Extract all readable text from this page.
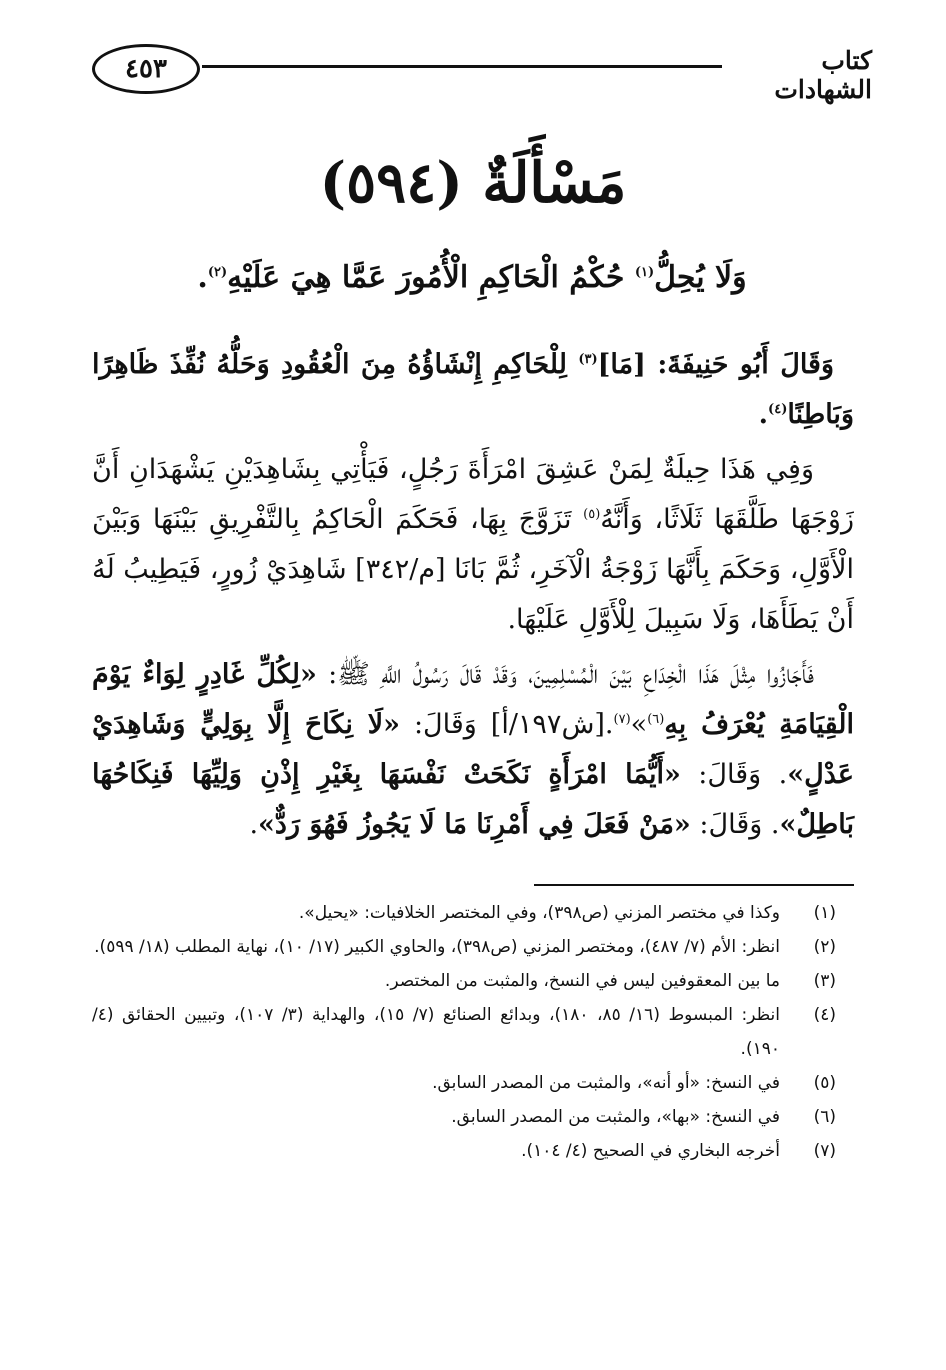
٤٥٣	كتاب الشهادات
مَسْأَلَةٌ (٥٩٤)
وَلَا يُحِلُّ$^{(١)}$ حُكْمُ الْحَاكِمِ الْأُمُورَ عَمَّا هِيَ عَلَيْهِ$^{(٢)}$.

وَقَالَ أَبُو حَنِيفَةَ: [مَا]$^{(٣)}$ لِلْحَاكِمِ إِنْشَاؤُهُ مِنَ الْعُقُودِ وَحَلُّهُ نُفِّذَ ظَاهِرًا وَبَاطِنًا$^{(٤)}$.

وَفِي هَذَا حِيلَةٌ لِمَنْ عَشِقَ امْرَأَةَ رَجُلٍ، فَيَأْتِي بِشَاهِدَيْنِ يَشْهَدَانِ أَنَّ زَوْجَهَا طَلَّقَهَا ثَلَاثًا، وَأَنَّهُ$^{(٥)}$ تَزَوَّجَ بِهَا، فَحَكَمَ الْحَاكِمُ بِالتَّفْرِيقِ بَيْنَهَا وَبَيْنَ الْأَوَّلِ، وَحَكَمَ بِأَنَّهَا زَوْجَةُ الْآخَرِ، ثُمَّ بَانَا [م/٣٤٢] شَاهِدَيْ زُورٍ، فَيَطِيبُ لَهُ أَنْ يَطَأَهَا، وَلَا سَبِيلَ لِلْأَوَّلِ عَلَيْهَا.

فَأَجَازُوا مِثْلَ هَذَا الْخِدَاعِ بَيْنَ الْمُسْلِمِينَ، وَقَدْ قَالَ رَسُولُ اللَّهِ ﷺ: «لِكُلِّ غَادِرٍ لِوَاءٌ يَوْمَ الْقِيَامَةِ يُعْرَفُ بِهِ$^{(٦)}$»$^{(٧)}$.[ش١٩٧/أ] وَقَالَ: «لَا نِكَاحَ إِلَّا بِوَلِيٍّ وَشَاهِدَيْ عَدْلٍ». وَقَالَ: «أَيُّمَا امْرَأَةٍ نَكَحَتْ نَفْسَهَا بِغَيْرِ إِذْنِ وَلِيِّهَا فَنِكَاحُهَا بَاطِلٌ». وَقَالَ: «مَنْ فَعَلَ فِي أَمْرِنَا مَا لَا يَجُوزُ فَهُوَ رَدٌّ».

(١)
وكذا في مختصر المزني (ص٣٩٨)، وفي المختصر الخلافيات: «يحيل».
(٢)
انظر: الأم (٧/ ٤٨٧)، ومختصر المزني (ص٣٩٨)، والحاوي الكبير (١٧/ ١٠)، نهاية المطلب (١٨/ ٥٩٩).
(٣)
ما بين المعقوفين ليس في النسخ، والمثبت من المختصر.
(٤)
انظر: المبسوط (١٦/ ٨٥، ١٨٠)، وبدائع الصنائع (٧/ ١٥)، والهداية (٣/ ١٠٧)، وتبيين الحقائق (٤/ ١٩٠).
(٥)
في النسخ: «أو أنه»، والمثبت من المصدر السابق.
(٦)
في النسخ: «بها»، والمثبت من المصدر السابق.
(٧)
أخرجه البخاري في الصحيح (٤/ ١٠٤).
